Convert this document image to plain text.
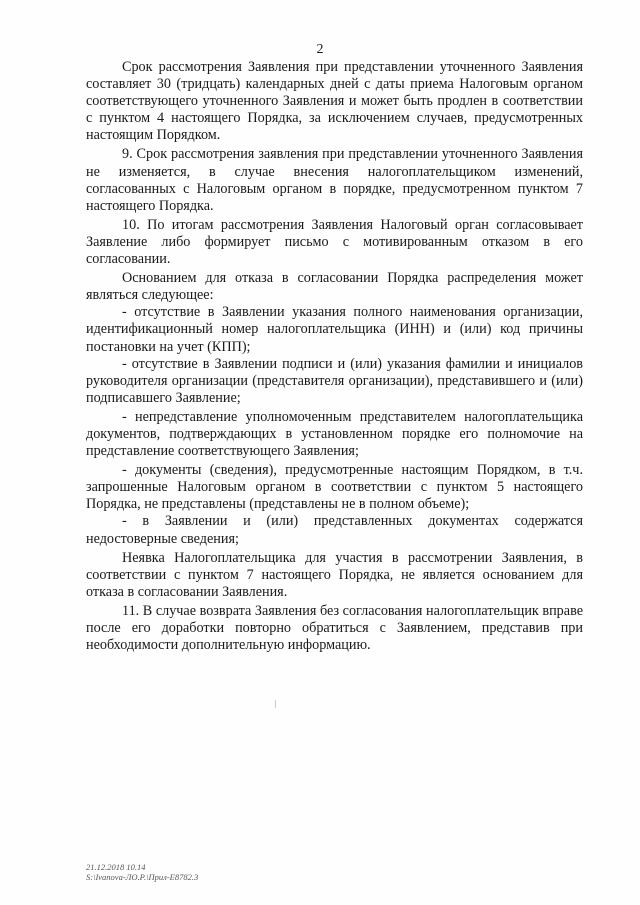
2

Срок рассмотрения Заявления при представлении уточненного Заявления составляет 30 (тридцать) календарных дней с даты приема Налоговым органом соответствующего уточненного Заявления и может быть продлен в соответствии с пунктом 4 настоящего Порядка, за исключением случаев, предусмотренных настоящим Порядком.

9. Срок рассмотрения заявления при представлении уточненного Заявления не изменяется, в случае внесения налогоплательщиком изменений, согласованных с Налоговым органом в порядке, предусмотренном пунктом 7 настоящего Порядка.

10. По итогам рассмотрения Заявления Налоговый орган согласовывает Заявление либо формирует письмо с мотивированным отказом в его согласовании.

Основанием для отказа в согласовании Порядка распределения может являться следующее:

- отсутствие в Заявлении указания полного наименования организации, идентификационный номер налогоплательщика (ИНН) и (или) код причины постановки на учет (КПП);

- отсутствие в Заявлении подписи и (или) указания фамилии и инициалов руководителя организации (представителя организации), представившего и (или) подписавшего Заявление;

- непредставление уполномоченным представителем налогоплательщика документов, подтверждающих в установленном порядке его полномочие на представление соответствующего Заявления;

- документы (сведения), предусмотренные настоящим Порядком, в т.ч. запрошенные Налоговым органом в соответствии с пунктом 5 настоящего Порядка, не представлены (представлены не в полном объеме);

- в Заявлении и (или) представленных документах содержатся недостоверные сведения;

Неявка Налогоплательщика для участия в рассмотрении Заявления, в соответствии с пунктом 7 настоящего Порядка, не является основанием для отказа в согласовании Заявления.

11. В случае возврата Заявления без согласования налогоплательщик вправе после его доработки повторно обратиться с Заявлением, представив при необходимости дополнительную информацию.

21.12.2018 10.14
S:\Ivanova-ЛО.Р.\Прил-Е8782.3
